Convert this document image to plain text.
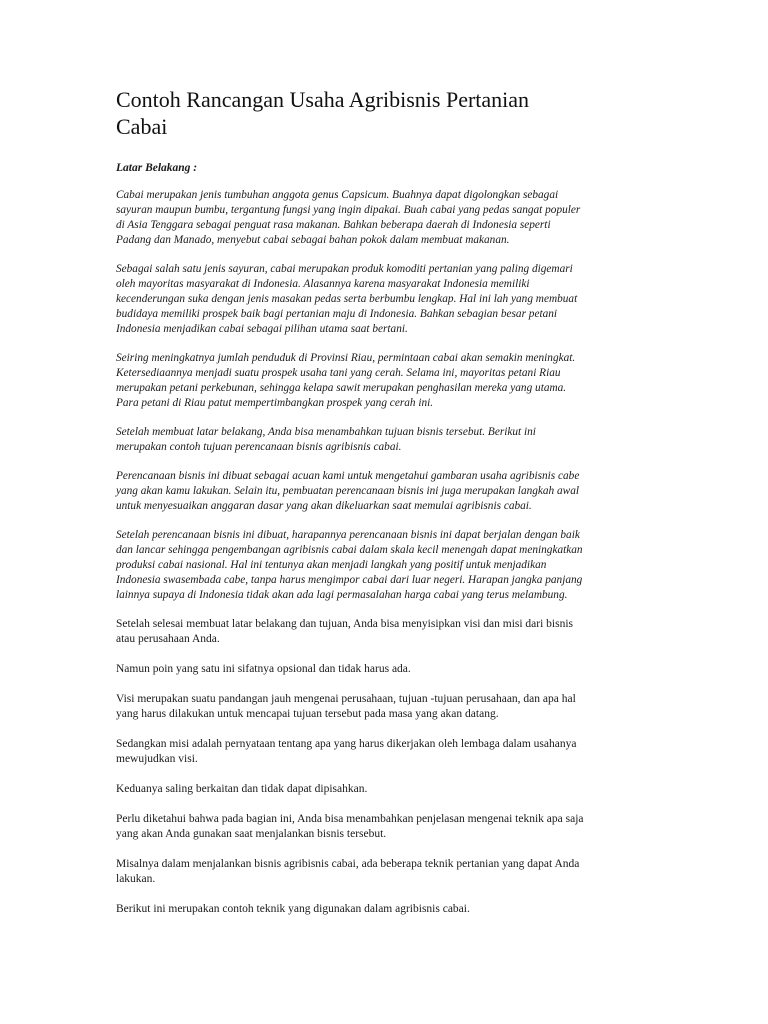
Contoh Rancangan Usaha Agribisnis Pertanian
Cabai
Latar Belakang :

Cabai merupakan jenis tumbuhan anggota genus Capsicum. Buahnya dapat digolongkan sebagai
sayuran maupun bumbu, tergantung fungsi yang ingin dipakai. Buah cabai yang pedas sangat populer
di Asia Tenggara sebagai penguat rasa makanan. Bahkan beberapa daerah di Indonesia seperti
Padang dan Manado, menyebut cabai sebagai bahan pokok dalam membuat makanan.

Sebagai salah satu jenis sayuran, cabai merupakan produk komoditi pertanian yang paling digemari
oleh mayoritas masyarakat di Indonesia. Alasannya karena masyarakat Indonesia memiliki
kecenderungan suka dengan jenis masakan pedas serta berbumbu lengkap. Hal ini lah yang membuat
budidaya memiliki prospek baik bagi pertanian maju di Indonesia. Bahkan sebagian besar petani
Indonesia menjadikan cabai sebagai pilihan utama saat bertani.

Seiring meningkatnya jumlah penduduk di Provinsi Riau, permintaan cabai akan semakin meningkat.
Ketersediaannya menjadi suatu prospek usaha tani yang cerah. Selama ini, mayoritas petani Riau
merupakan petani perkebunan, sehingga kelapa sawit merupakan penghasilan mereka yang utama.
Para petani di Riau patut mempertimbangkan prospek yang cerah ini.

Setelah membuat latar belakang, Anda bisa menambahkan tujuan bisnis tersebut. Berikut ini
merupakan contoh tujuan perencanaan bisnis agribisnis cabai.

Perencanaan bisnis ini dibuat sebagai acuan kami untuk mengetahui gambaran usaha agribisnis cabe
yang akan kamu lakukan. Selain itu, pembuatan perencanaan bisnis ini juga merupakan langkah awal
untuk menyesuaikan anggaran dasar yang akan dikeluarkan saat memulai agribisnis cabai.

Setelah perencanaan bisnis ini dibuat, harapannya perencanaan bisnis ini dapat berjalan dengan baik
dan lancar sehingga pengembangan agribisnis cabai dalam skala kecil menengah dapat meningkatkan
produksi cabai nasional. Hal ini tentunya akan menjadi langkah yang positif untuk menjadikan
Indonesia swasembada cabe, tanpa harus mengimpor cabai dari luar negeri. Harapan jangka panjang
lainnya supaya di Indonesia tidak akan ada lagi permasalahan harga cabai yang terus melambung.

Setelah selesai membuat latar belakang dan tujuan, Anda bisa menyisipkan visi dan misi dari bisnis
atau perusahaan Anda.

Namun poin yang satu ini sifatnya opsional dan tidak harus ada.

Visi merupakan suatu pandangan jauh mengenai perusahaan, tujuan -tujuan perusahaan, dan apa hal
yang harus dilakukan untuk mencapai tujuan tersebut pada masa yang akan datang.

Sedangkan misi adalah pernyataan tentang apa yang harus dikerjakan oleh lembaga dalam usahanya
mewujudkan visi.

Keduanya saling berkaitan dan tidak dapat dipisahkan.

Perlu diketahui bahwa pada bagian ini, Anda bisa menambahkan penjelasan mengenai teknik apa saja
yang akan Anda gunakan saat menjalankan bisnis tersebut.

Misalnya dalam menjalankan bisnis agribisnis cabai, ada beberapa teknik pertanian yang dapat Anda
lakukan.

Berikut ini merupakan contoh teknik yang digunakan dalam agribisnis cabai.
